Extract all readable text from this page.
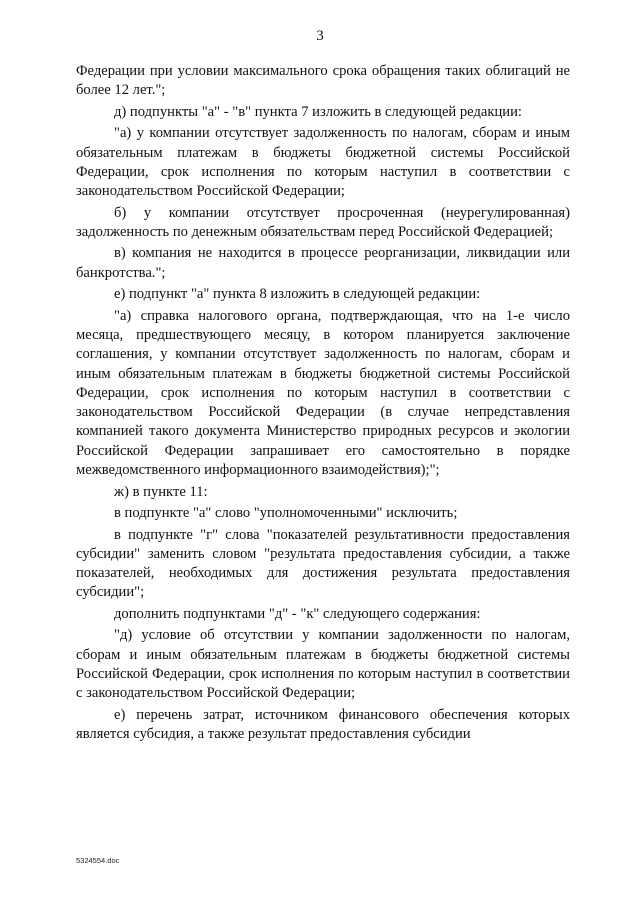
3

Федерации при условии максимального срока обращения таких облигаций не более 12 лет.";

д) подпункты "а" - "в" пункта 7 изложить в следующей редакции:

"а) у компании отсутствует задолженность по налогам, сборам и иным обязательным платежам в бюджеты бюджетной системы Российской Федерации, срок исполнения по которым наступил в соответствии с законодательством Российской Федерации;

б) у компании отсутствует просроченная (неурегулированная) задолженность по денежным обязательствам перед Российской Федерацией;

в) компания не находится в процессе реорганизации, ликвидации или банкротства.";

е) подпункт "а" пункта 8 изложить в следующей редакции:

"а) справка налогового органа, подтверждающая, что на 1-е число месяца, предшествующего месяцу, в котором планируется заключение соглашения, у компании отсутствует задолженность по налогам, сборам и иным обязательным платежам в бюджеты бюджетной системы Российской Федерации, срок исполнения по которым наступил в соответствии с законодательством Российской Федерации (в случае непредставления компанией такого документа Министерство природных ресурсов и экологии Российской Федерации запрашивает его самостоятельно в порядке межведомственного информационного взаимодействия);";

ж) в пункте 11:

в подпункте "а" слово "уполномоченными" исключить;

в подпункте "г" слова "показателей результативности предоставления субсидии" заменить словом "результата предоставления субсидии, а также показателей, необходимых для достижения результата предоставления субсидии";

дополнить подпунктами "д" - "к" следующего содержания:

"д) условие об отсутствии у компании задолженности по налогам, сборам и иным обязательным платежам в бюджеты бюджетной системы Российской Федерации, срок исполнения по которым наступил в соответствии с законодательством Российской Федерации;

е) перечень затрат, источником финансового обеспечения которых является субсидия, а также результат предоставления субсидии

5324554.doc
